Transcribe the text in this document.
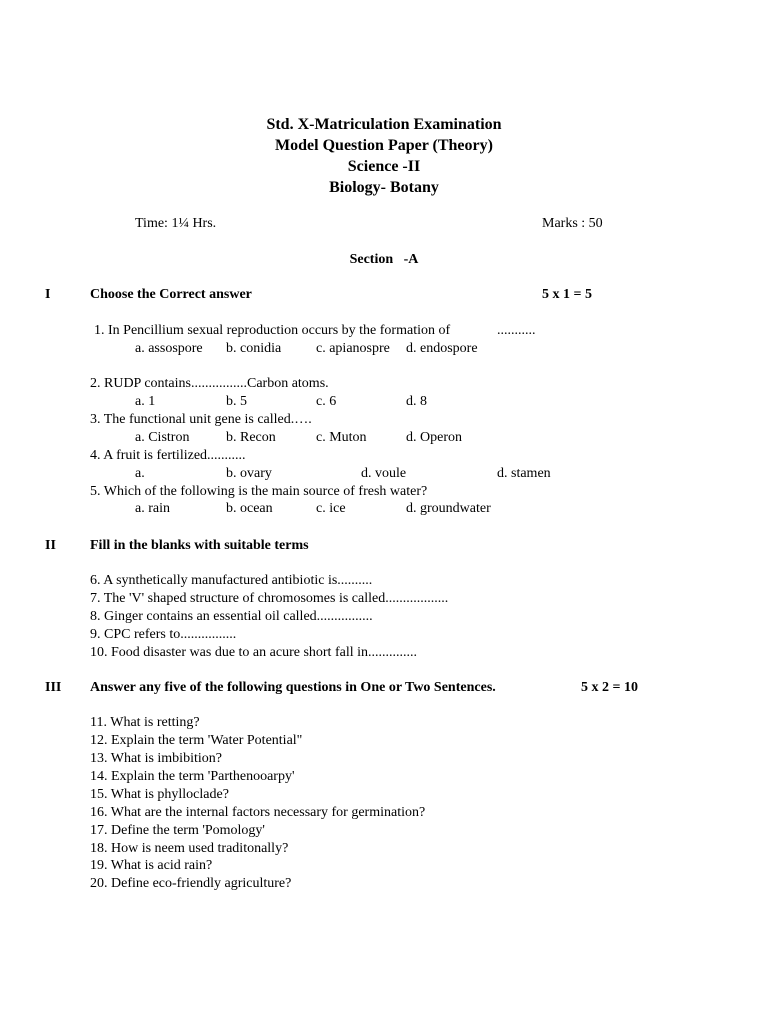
Std. X-Matriculation Examination
Model Question Paper (Theory)
Science -II
Biology- Botany
Time: 1¼ Hrs.	Marks : 50
Section   -A
I	Choose the Correct answer	5 x 1 = 5
1. In Pencillium sexual reproduction occurs by the formation of	...........
a. assospore b. conidia c. apianospre d. endospore
2. RUDP contains................Carbon atoms.
a. 1	b. 5	c. 6	d. 8
3. The functional unit gene is called.….
a. Cistron	b. Recon	c. Muton	d. Operon
4. A fruit is fertilized...........
a.	b. ovary	d. voule	d. stamen
5. Which of the following is the main source of fresh water?
a. rain	b. ocean	c. ice	d. groundwater
II Fill in the blanks with suitable terms
6. A synthetically manufactured antibiotic is..........
7. The 'V' shaped structure of chromosomes is called..................
8. Ginger contains an essential oil called................
9. CPC refers to................
10. Food disaster was due to an acure short fall in..............
III Answer any five of the following questions in One or Two Sentences.	5 x 2 = 10
11. What is retting?
12. Explain the term 'Water Potential"
13. What is imbibition?
14. Explain the term 'Parthenooarpy'
15. What is phylloclade?
16. What are the internal factors necessary for germination?
17. Define the term 'Pomology'
18. How is neem used traditonally?
19. What is acid rain?
20. Define eco-friendly agriculture?
